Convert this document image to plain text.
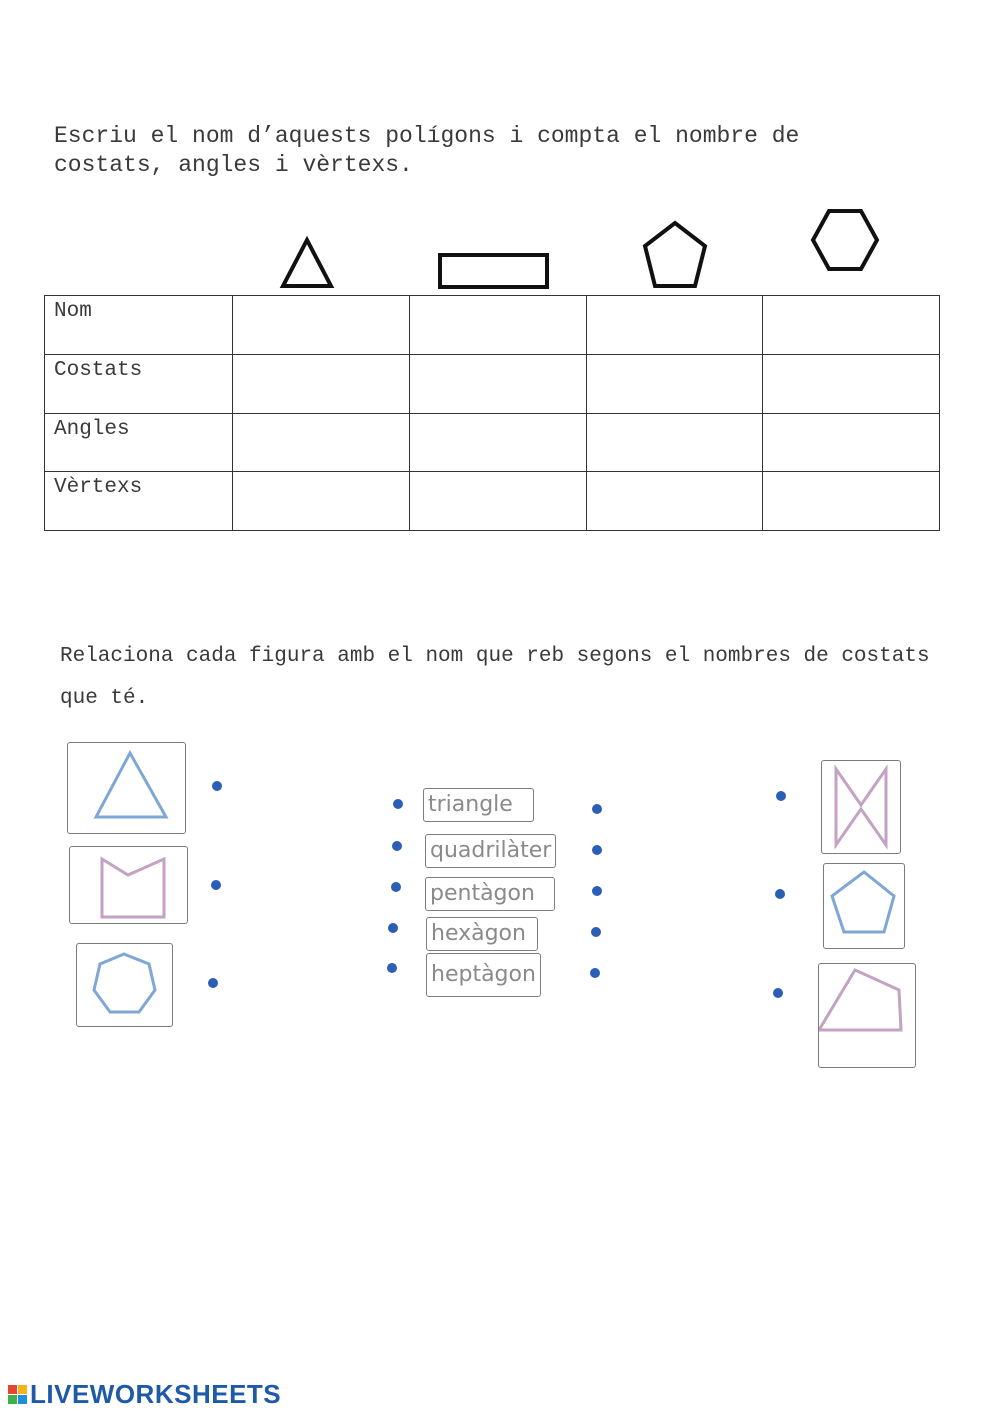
Escriu el nom d’aquests polígons i compta el nombre de
costats, angles i vèrtexs.
Nom	

Costats	

Angles	

Vèrtexs	

Relaciona cada figura amb el nom que reb segons el nombres de costats que té.
triangle
quadrilàter
pentàgon
hexàgon
heptàgon
LIVEWORKSHEETS
